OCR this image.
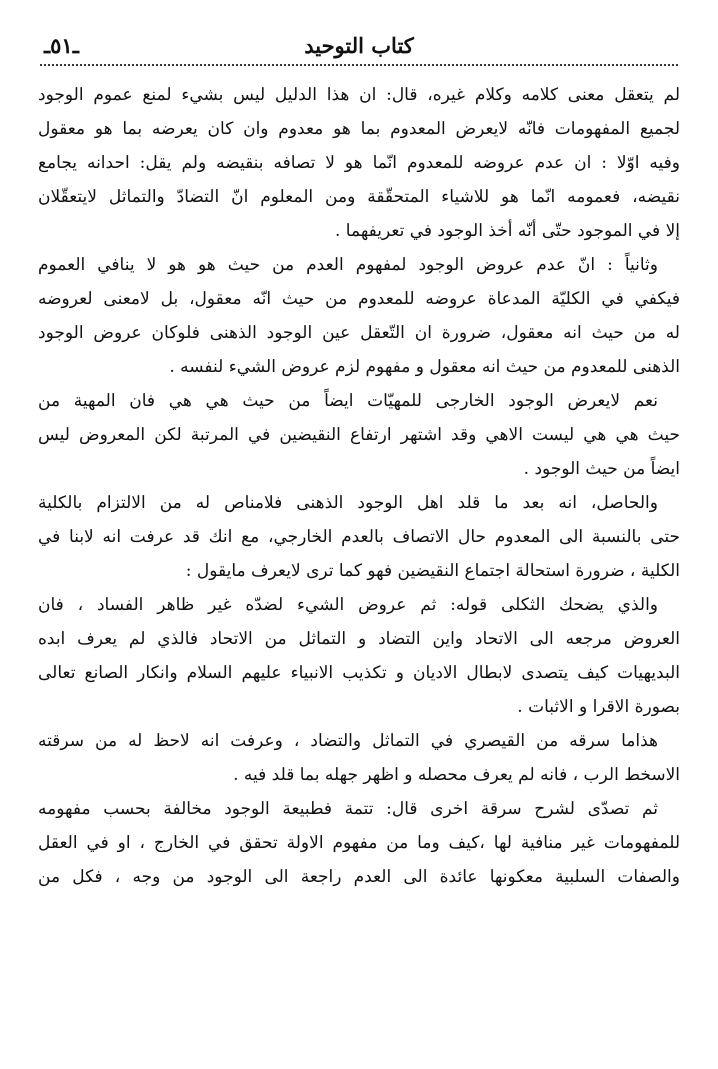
كتاب التوحيد
ـ٥١ـ
لم يتعقل معنى كلامه وكلام غيره، قال: ان هذا الدليل ليس بشيء لمنع عموم الوجود
لجميع المفهومات فانّه لايعرض المعدوم بما هو معدوم وان كان يعرضه بما هو معقول
وفيه اوّلا : ان عدم عروضه للمعدوم انّما هو لا تصافه بنقيضه ولم يقل: احدانه يجامع
نقيضه، فعمومه انّما هو للاشياء المتحقّقة ومن المعلوم انّ التضادّ والتماثل لايتعقّلان
إلا في الموجود حتّى أنّه أخذ الوجود في تعريفهما .
وثانياً : انّ عدم عروض الوجود لمفهوم العدم من حيث هو هو لا ينافي العموم
فيكفي في الكليّة المدعاة عروضه للمعدوم من حيث انّه معقول، بل لامعنى لعروضه
له من حيث انه معقول، ضرورة ان التّعقل عين الوجود الذهنى فلوكان عروض الوجود
الذهنى للمعدوم من حيث انه معقول و مفهوم لزم عروض الشيء لنفسه .
نعم لايعرض الوجود الخارجى للمهيّات ايضاً من حيث هي هي فان المهية من
حيث هي هي ليست الاهي وقد اشتهر ارتفاع النقيضين في المرتبة لكن المعروض ليس
ايضاً من حيث الوجود .
والحاصل، انه بعد ما قلد اهل الوجود الذهنى فلامناص له من الالتزام بالكلية
حتى بالنسبة الى المعدوم حال الاتصاف بالعدم الخارجي، مع انك قد عرفت انه لابنا في
الكلية ، ضرورة استحالة اجتماع النقيضين فهو كما ترى لايعرف مايقول :
والذي يضحك الثكلى قوله: ثم عروض الشيء لضدّه غير ظاهر الفساد ، فان
العروض مرجعه الى الاتحاد واين التضاد و التماثل من الاتحاد فالذي لم يعرف ابده
البديهيات كيف يتصدى لابطال الاديان و تكذيب الانبياء عليهم السلام وانكار الصانع تعالى
بصورة الاقرا و الاثبات .
هذاما سرقه من القيصري في التماثل والتضاد ، وعرفت انه لاحظ له من سرقته
الاسخط الرب ، فانه لم يعرف محصله و اظهر جهله بما قلد فيه .
ثم تصدّى لشرح سرقة اخرى قال: تتمة فطبيعة الوجود مخالفة بحسب مفهومه
للمفهومات غير منافية لها ،كيف وما من مفهوم الاولة تحقق في الخارج ، او في العقل
والصفات السلبية معكونها عائدة الى العدم راجعة الى الوجود من وجه ، فكل من
